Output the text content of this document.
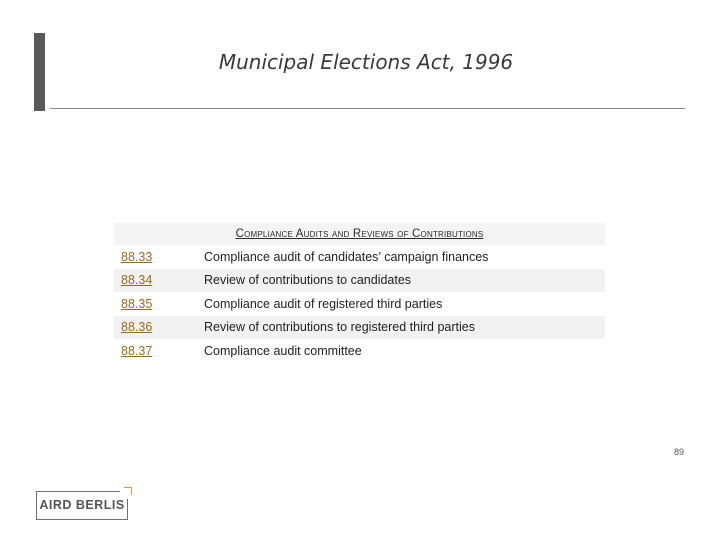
Municipal Elections Act, 1996
Compliance Audits and Reviews of Contributions
88.33	Compliance audit of candidates’ campaign finances
88.34	Review of contributions to candidates
88.35	Compliance audit of registered third parties
88.36	Review of contributions to registered third parties
88.37	Compliance audit committee
89
AIRD BERLIS
